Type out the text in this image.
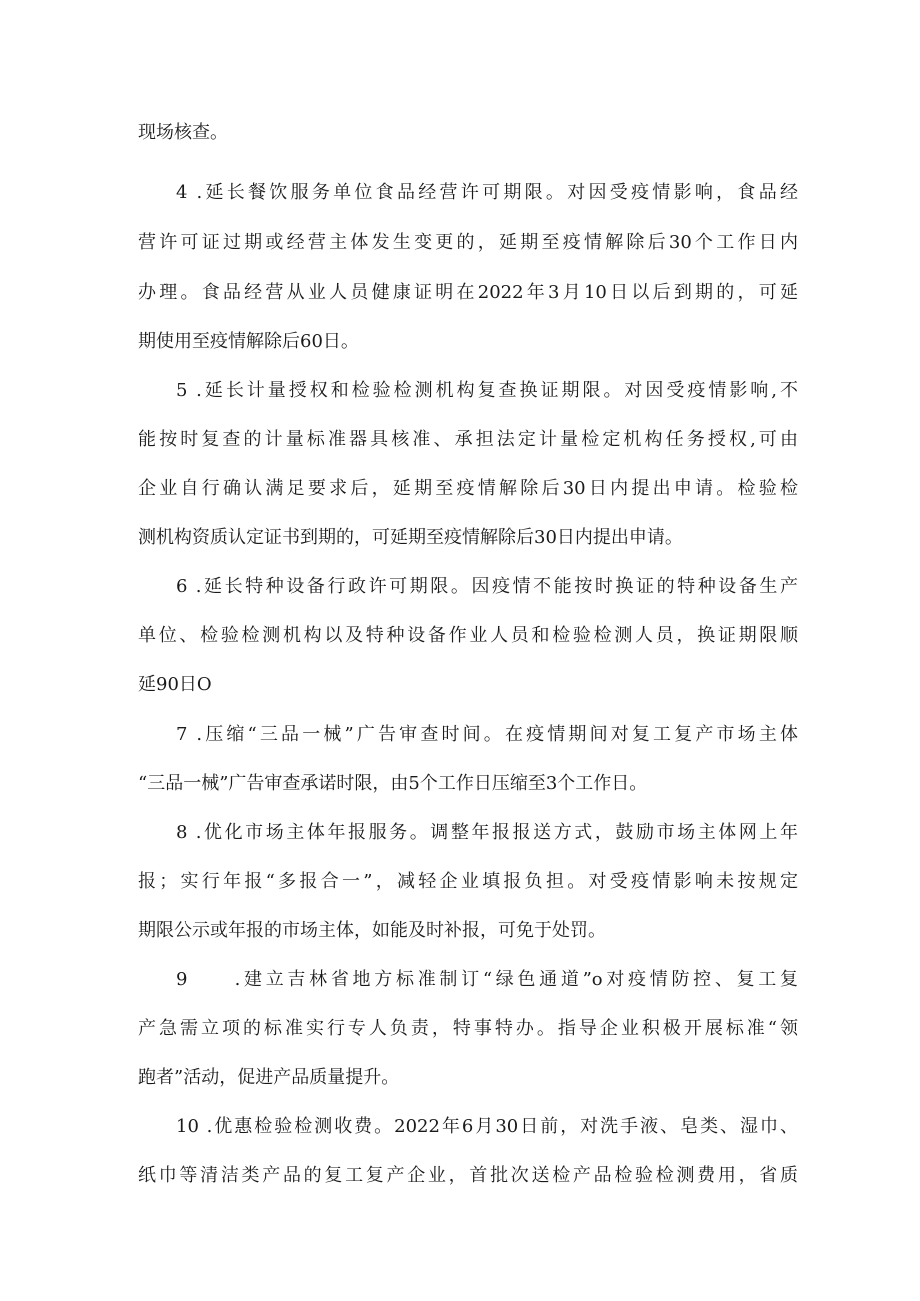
现场核查。
4 .延长餐饮服务单位食品经营许可期限。对因受疫情影响，食品经
营许可证过期或经营主体发生变更的，延期至疫情解除后30个工作日内
办理。食品经营从业人员健康证明在2022年3月10日以后到期的，可延
期使用至疫情解除后60日。
5 .延长计量授权和检验检测机构复查换证期限。对因受疫情影响,不
能按时复查的计量标准器具核准、承担法定计量检定机构任务授权,可由
企业自行确认满足要求后，延期至疫情解除后30日内提出申请。检验检
测机构资质认定证书到期的，可延期至疫情解除后30日内提出申请。
6 .延长特种设备行政许可期限。因疫情不能按时换证的特种设备生产
单位、检验检测机构以及特种设备作业人员和检验检测人员，换证期限顺
延90日O
7 .压缩“三品一械”广告审查时间。在疫情期间对复工复产市场主体
“三品一械”广告审查承诺时限，由5个工作日压缩至3个工作日。
8 .优化市场主体年报服务。调整年报报送方式，鼓励市场主体网上年
报；实行年报“多报合一”，减轻企业填报负担。对受疫情影响未按规定
期限公示或年报的市场主体，如能及时补报，可免于处罚。
9　　.建立吉林省地方标准制订“绿色通道”o对疫情防控、复工复
产急需立项的标准实行专人负责，特事特办。指导企业积极开展标准“领
跑者”活动，促进产品质量提升。
10 .优惠检验检测收费。2022年6月30日前，对洗手液、皂类、湿巾、
纸巾等清洁类产品的复工复产企业，首批次送检产品检验检测费用，省质
